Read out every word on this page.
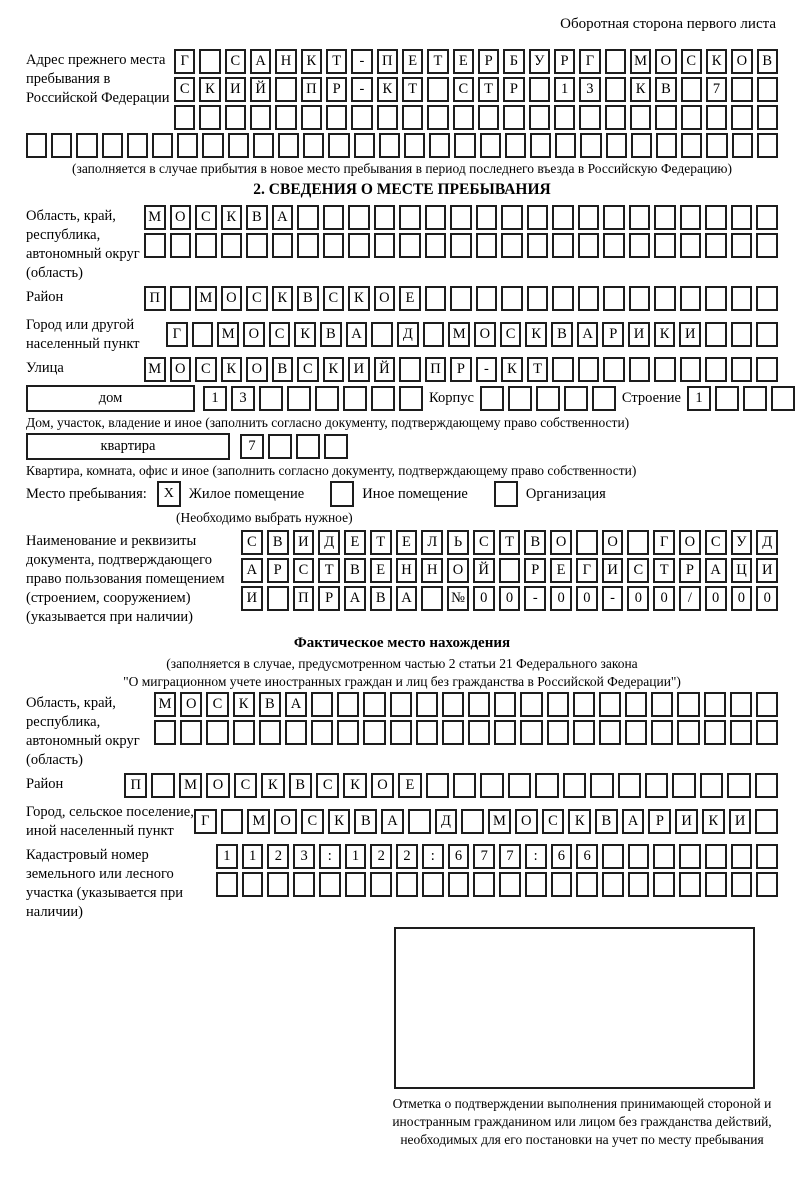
Оборотная сторона первого листа
Адрес прежнего места пребывания в Российской Федерации
Г	С	А	Н	К	Т	-	П	Е	Т	Е	Р	Б	У	Р	Г	М О	С	К	О	В
С	К	И	Й	П	Р	-	К	Т	С	Т	Р	1	3	К	В	7
(заполняется в случае прибытия в новое место пребывания в период последнего въезда в Российскую Федерацию)
2. СВЕДЕНИЯ О МЕСТЕ ПРЕБЫВАНИЯ
Область, край, республика, автономный округ (область)
М О	С	К	В	А
Район	П	М О	С	К	В	С	К	О	Е
Город или другой населенный пункт
Г	М О	С	К	В	А	Д	М О	С	К	В	А	Р	И	К	И
Улица	М О	С	К	О	В	С	К	И	Й	П	Р	-	К	Т
дом	1	3	Корпус	Строение 1
Дом, участок, владение и иное (заполнить согласно документу, подтверждающему право собственности)
квартира	7
Квартира, комната, офис и иное (заполнить согласно документу, подтверждающему право собственности)
Место пребывания:	X	Жилое помещение	Иное помещение	Организация
(Необходимо выбрать нужное)
Наименование и реквизиты документа, подтверждающего право пользования помещением (строением, сооружением) (указывается при наличии)
С	В	И	Д	Е	Т	Е	Л	Ь	С	Т	В	О	О	Г	О	С	У	Д
А	Р	С	Т	В	Е	Н	Н	О	Й	Р	Е	Г	И	С	Т	Р	А	Ц	И
И	П	Р	А	В	А	№	0	0	-	0	0	-	0	0	/	0	0	0
Фактическое место нахождения
(заполняется в случае, предусмотренном частью 2 статьи 21 Федерального закона
"О миграционном учете иностранных граждан и лиц без гражданства в Российской Федерации")
Область, край, республика, автономный округ (область)
М О	С	К	В	А
Район	П	М	О	С	К	В	С	К	О	Е
Город, сельское поселение, иной населенный пункт
Г	М	О	С	К	В	А	Д	М	О	С	К	В	А	Р	И	К	И
Кадастровый номер земельного или лесного участка (указывается при наличии)
1	1	2	3	:	1	2	2	:	6	7	7	:	6	6
Отметка о подтверждении выполнения принимающей стороной и иностранным гражданином или лицом без гражданства действий, необходимых для его постановки на учет по месту пребывания
